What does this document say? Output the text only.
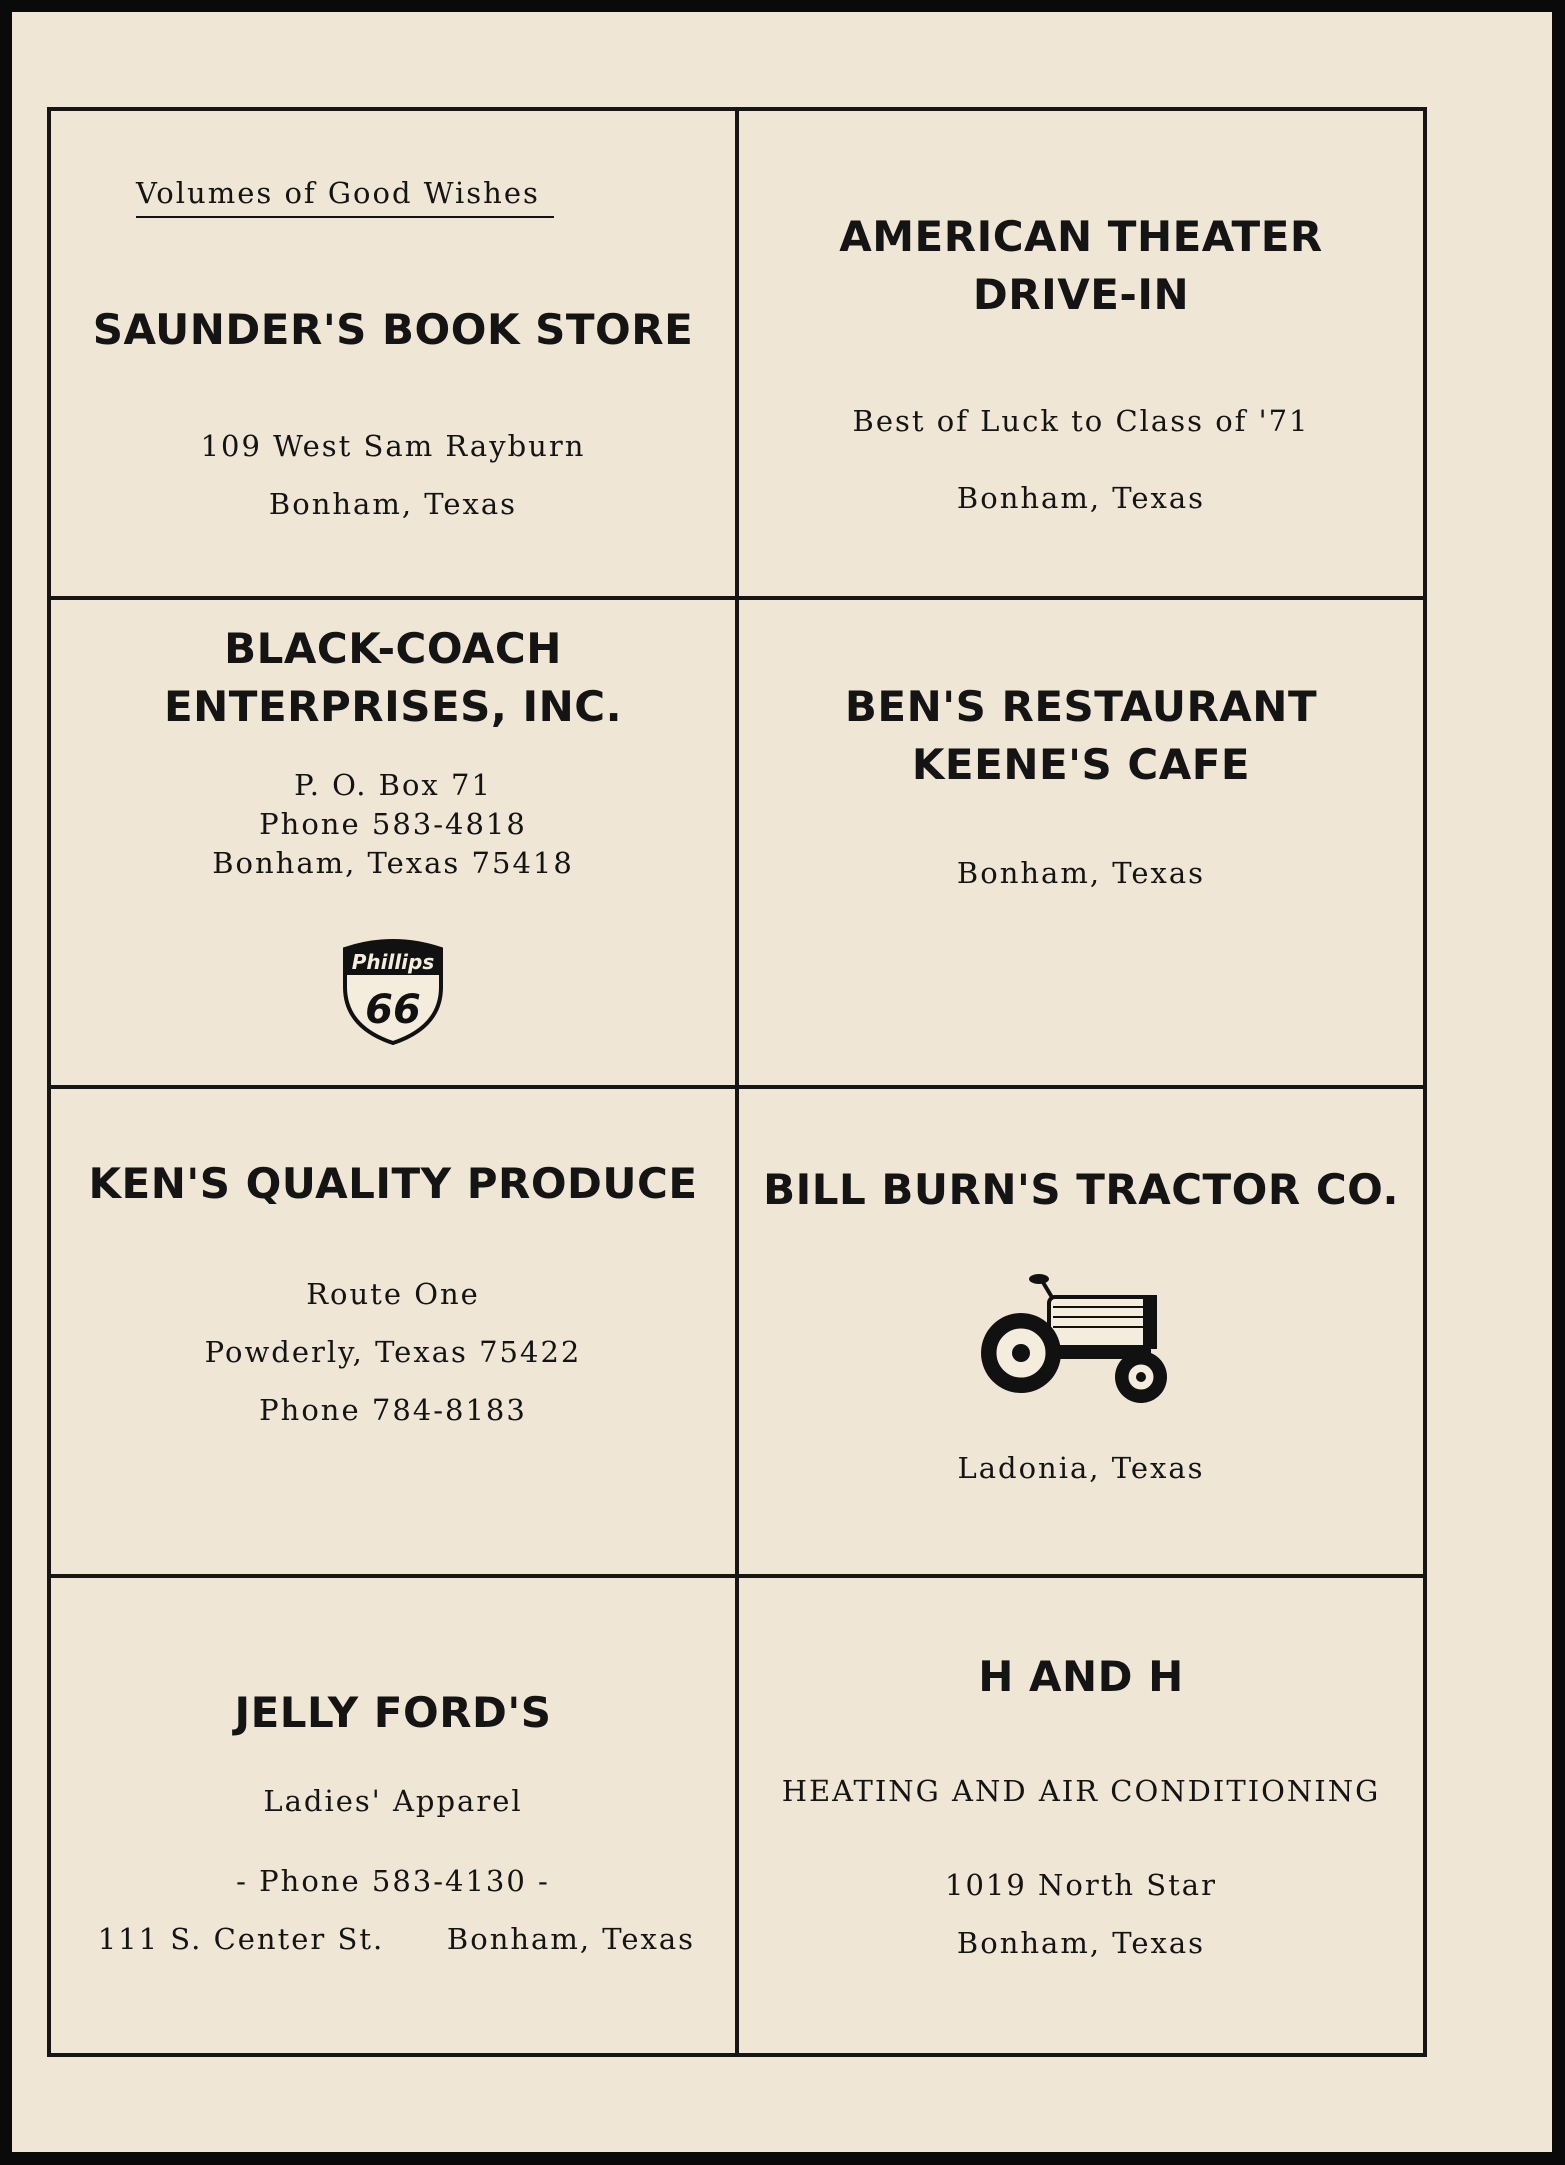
Volumes of Good Wishes
SAUNDER'S BOOK STORE
109 West Sam Rayburn
Bonham, Texas
AMERICAN THEATER
DRIVE-IN
Best of Luck to Class of '71
Bonham, Texas
BLACK-COACH
ENTERPRISES, INC.
P. O. Box 71
Phone 583-4818
Bonham, Texas 75418
Phillips
66
BEN'S RESTAURANT
KEENE'S CAFE
Bonham, Texas
KEN'S QUALITY PRODUCE
Route One
Powderly, Texas 75422
Phone 784-8183
BILL BURN'S TRACTOR CO.
Ladonia, Texas
JELLY FORD'S
Ladies' Apparel
- Phone 583-4130 -
111 S. Center St.	Bonham, Texas
H AND H
HEATING AND AIR CONDITIONING
1019 North Star
Bonham, Texas
